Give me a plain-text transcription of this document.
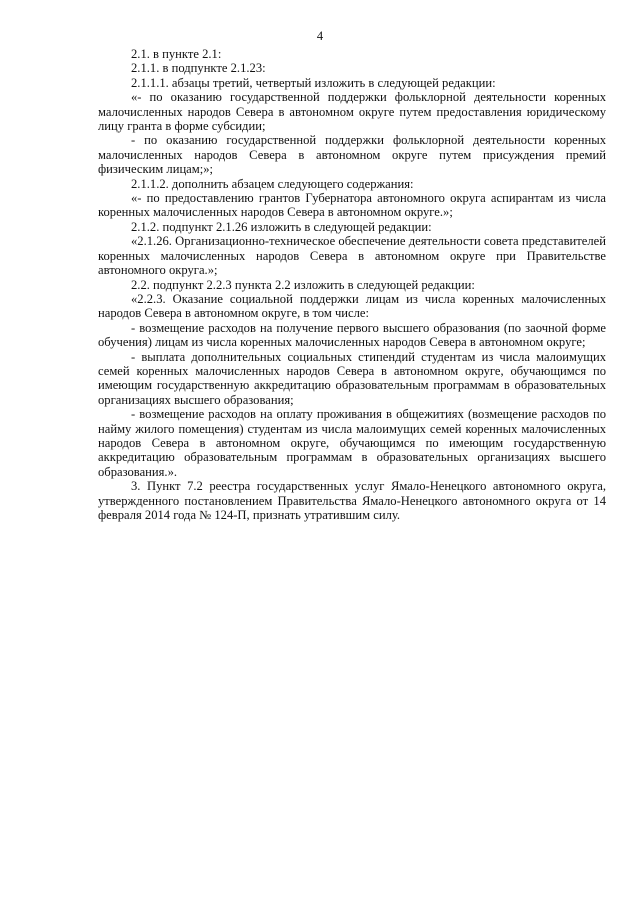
4

2.1. в пункте 2.1:

2.1.1. в подпункте 2.1.23:

2.1.1.1. абзацы третий, четвертый изложить в следующей редакции:

«- по оказанию государственной поддержки фольклорной деятельности коренных малочисленных народов Севера в автономном округе путем предоставления юридическому лицу гранта в форме субсидии;

- по оказанию государственной поддержки фольклорной деятельности коренных малочисленных народов Севера в автономном округе путем присуждения премий физическим лицам;»;

2.1.1.2. дополнить абзацем следующего содержания:

«- по предоставлению грантов Губернатора автономного округа аспирантам из числа коренных малочисленных народов Севера в автономном округе.»;

2.1.2. подпункт 2.1.26 изложить в следующей редакции:

«2.1.26. Организационно-техническое обеспечение деятельности совета представителей коренных малочисленных народов Севера в автономном округе при Правительстве автономного округа.»;

2.2. подпункт 2.2.3 пункта 2.2 изложить в следующей редакции:

«2.2.3. Оказание социальной поддержки лицам из числа коренных малочисленных народов Севера в автономном округе, в том числе:

- возмещение расходов на получение первого высшего образования (по заочной форме обучения) лицам из числа коренных малочисленных народов Севера в автономном округе;

- выплата дополнительных социальных стипендий студентам из числа малоимущих семей коренных малочисленных народов Севера в автономном округе, обучающимся по имеющим государственную аккредитацию образовательным программам в образовательных организациях высшего образования;

- возмещение расходов на оплату проживания в общежитиях (возмещение расходов по найму жилого помещения) студентам из числа малоимущих семей коренных малочисленных народов Севера в автономном округе, обучающимся по имеющим государственную аккредитацию образовательным программам в образовательных организациях высшего образования.».

3. Пункт 7.2 реестра государственных услуг Ямало-Ненецкого автономного округа, утвержденного постановлением Правительства Ямало-Ненецкого автономного округа от 14 февраля 2014 года № 124-П, признать утратившим силу.
